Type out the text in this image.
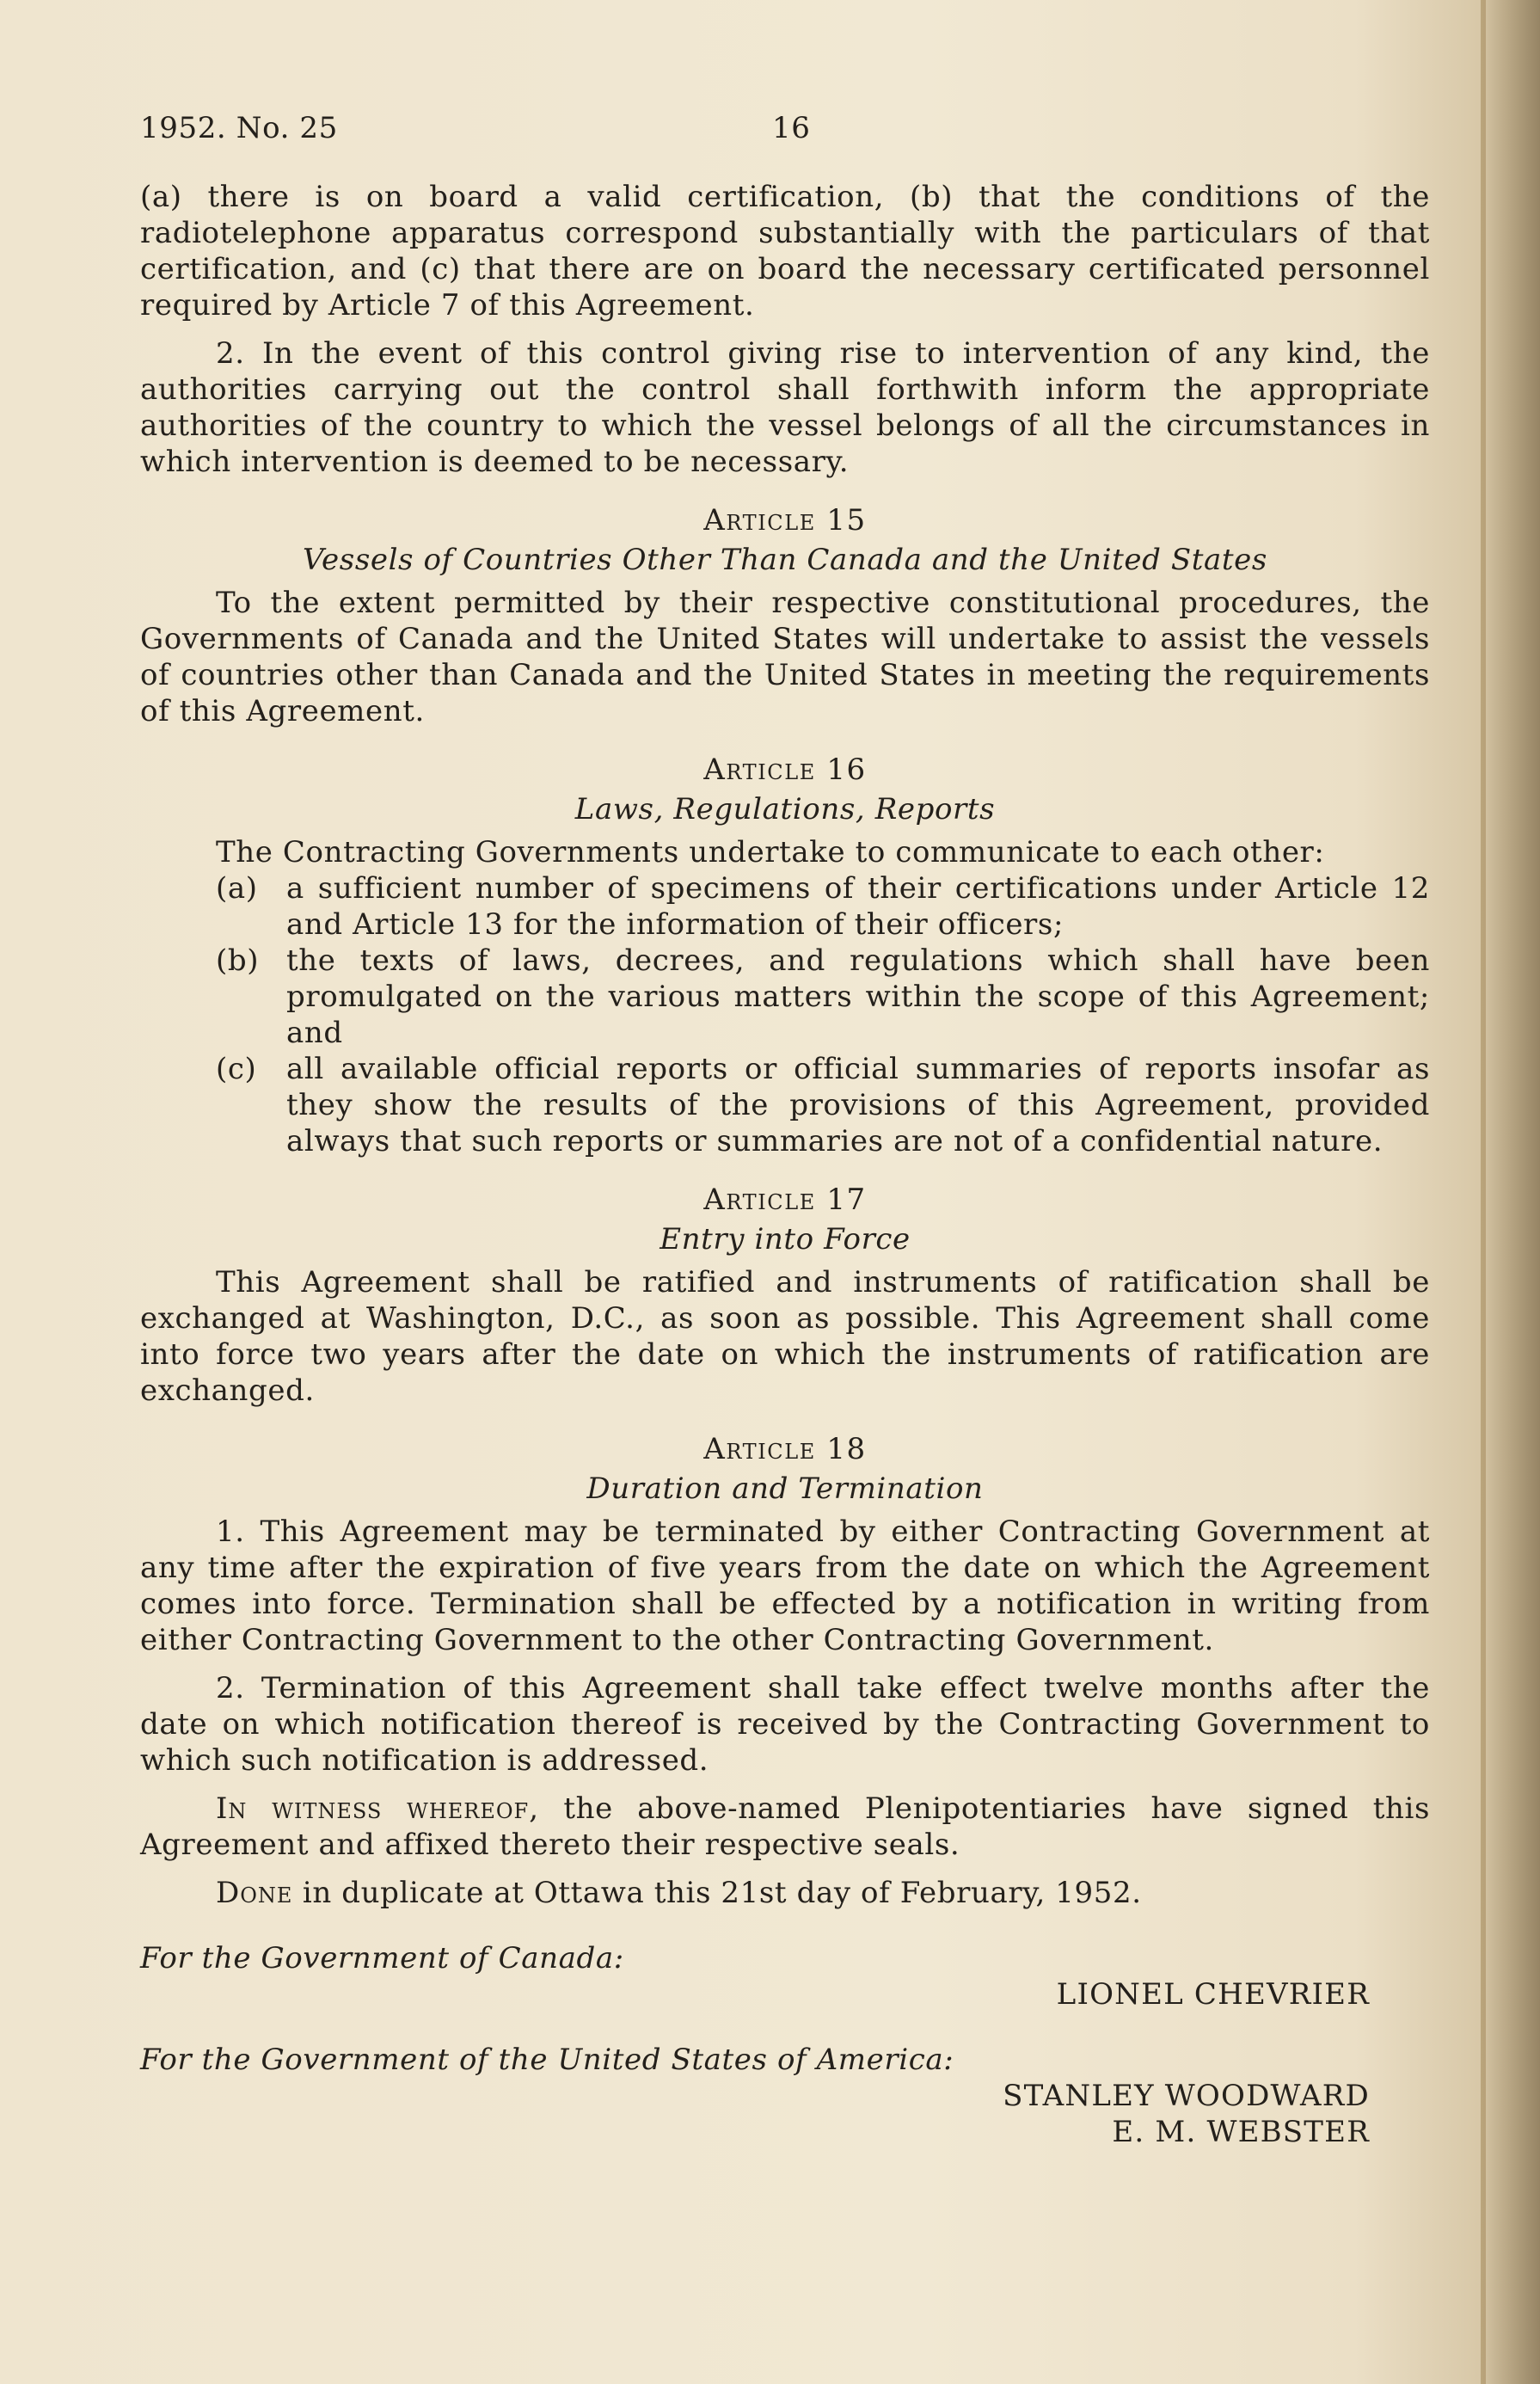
1952. No. 25	16

(a) there is on board a valid certification, (b) that the conditions of the radiotelephone apparatus correspond substantially with the particulars of that certification, and (c) that there are on board the necessary certificated personnel required by Article 7 of this Agreement.

2. In the event of this control giving rise to intervention of any kind, the authorities carrying out the control shall forthwith inform the appropriate authorities of the country to which the vessel belongs of all the circumstances in which intervention is deemed to be necessary.

Article 15
Vessels of Countries Other Than Canada and the United States

To the extent permitted by their respective constitutional procedures, the Governments of Canada and the United States will undertake to assist the vessels of countries other than Canada and the United States in meeting the requirements of this Agreement.

Article 16
Laws, Regulations, Reports

The Contracting Governments undertake to communicate to each other:

(a) a sufficient number of specimens of their certifications under Article 12 and Article 13 for the information of their officers;
(b) the texts of laws, decrees, and regulations which shall have been promulgated on the various matters within the scope of this Agreement; and
(c)	all available official reports or official summaries of reports insofar as they show the results of the provisions of this Agreement, provided always that such reports or summaries are not of a confidential nature.
Article 17
Entry into Force

This Agreement shall be ratified and instruments of ratification shall be exchanged at Washington, D.C., as soon as possible. This Agreement shall come into force two years after the date on which the instruments of ratification are exchanged.

Article 18
Duration and Termination

1. This Agreement may be terminated by either Contracting Government at any time after the expiration of five years from the date on which the Agreement comes into force. Termination shall be effected by a notification in writing from either Contracting Government to the other Contracting Government.

2. Termination of this Agreement shall take effect twelve months after the date on which notification thereof is received by the Contracting Government to which such notification is addressed.

In witness whereof, the above-named Plenipotentiaries have signed this Agreement and affixed thereto their respective seals.

Done in duplicate at Ottawa this 21st day of February, 1952.

For the Government of Canada:
LIONEL CHEVRIER
For the Government of the United States of America:
STANLEY WOODWARD
E. M. WEBSTER
